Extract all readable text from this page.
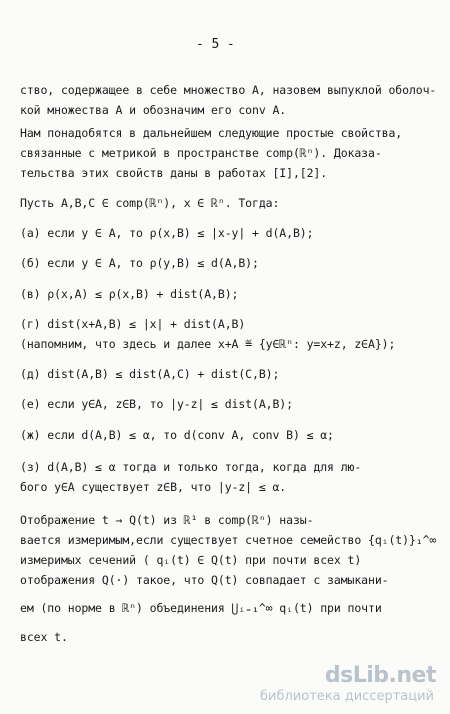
- 5 -
ство, содержащее в себе множество A, назовем выпуклой оболоч-
кой множества A и обозначим его conv A.
Нам понадобятся в дальнейшем следующие простые свойства,
связанные с метрикой в пространстве comp(ℝⁿ). Доказа-
тельства этих свойств даны в работах [I],[2].
Пусть A,B,C ∈ comp(ℝⁿ), x ∈ ℝⁿ. Тогда:
(а) если y ∈ A, то ρ(x,B) ≤ |x-y| + d(A,B);
(б) если y ∈ A, то ρ(y,B) ≤ d(A,B);
(в) ρ(x,A) ≤ ρ(x,B) + dist(A,B);
(г) dist(x+A,B) ≤ |x| + dist(A,B)
(напомним, что здесь и далее x+A ≝ {y∈ℝⁿ: y=x+z, z∈A});
(д) dist(A,B) ≤ dist(A,C) + dist(C,B);
(е) если y∈A, z∈B, то |y-z| ≤ dist(A,B);
(ж) если d(A,B) ≤ α, то d(conv A, conv B) ≤ α;
(з) d(A,B) ≤ α тогда и только тогда, когда для лю-
бого y∈A существует z∈B, что |y-z| ≤ α.
Отображение t → Q(t) из ℝ¹ в comp(ℝⁿ) назы-
вается измеримым,если существует счетное семейство {qᵢ(t)}₁^∞
измеримых сечений ( qᵢ(t) ∈ Q(t) при почти всех t)
отображения Q(·) такое, что Q(t) совпадает с замыкани-
ем (по норме в ℝⁿ) объединения ⋃ᵢ₌₁^∞ qᵢ(t) при почти
всех t.
dsLib.net
библиотека диссертаций
